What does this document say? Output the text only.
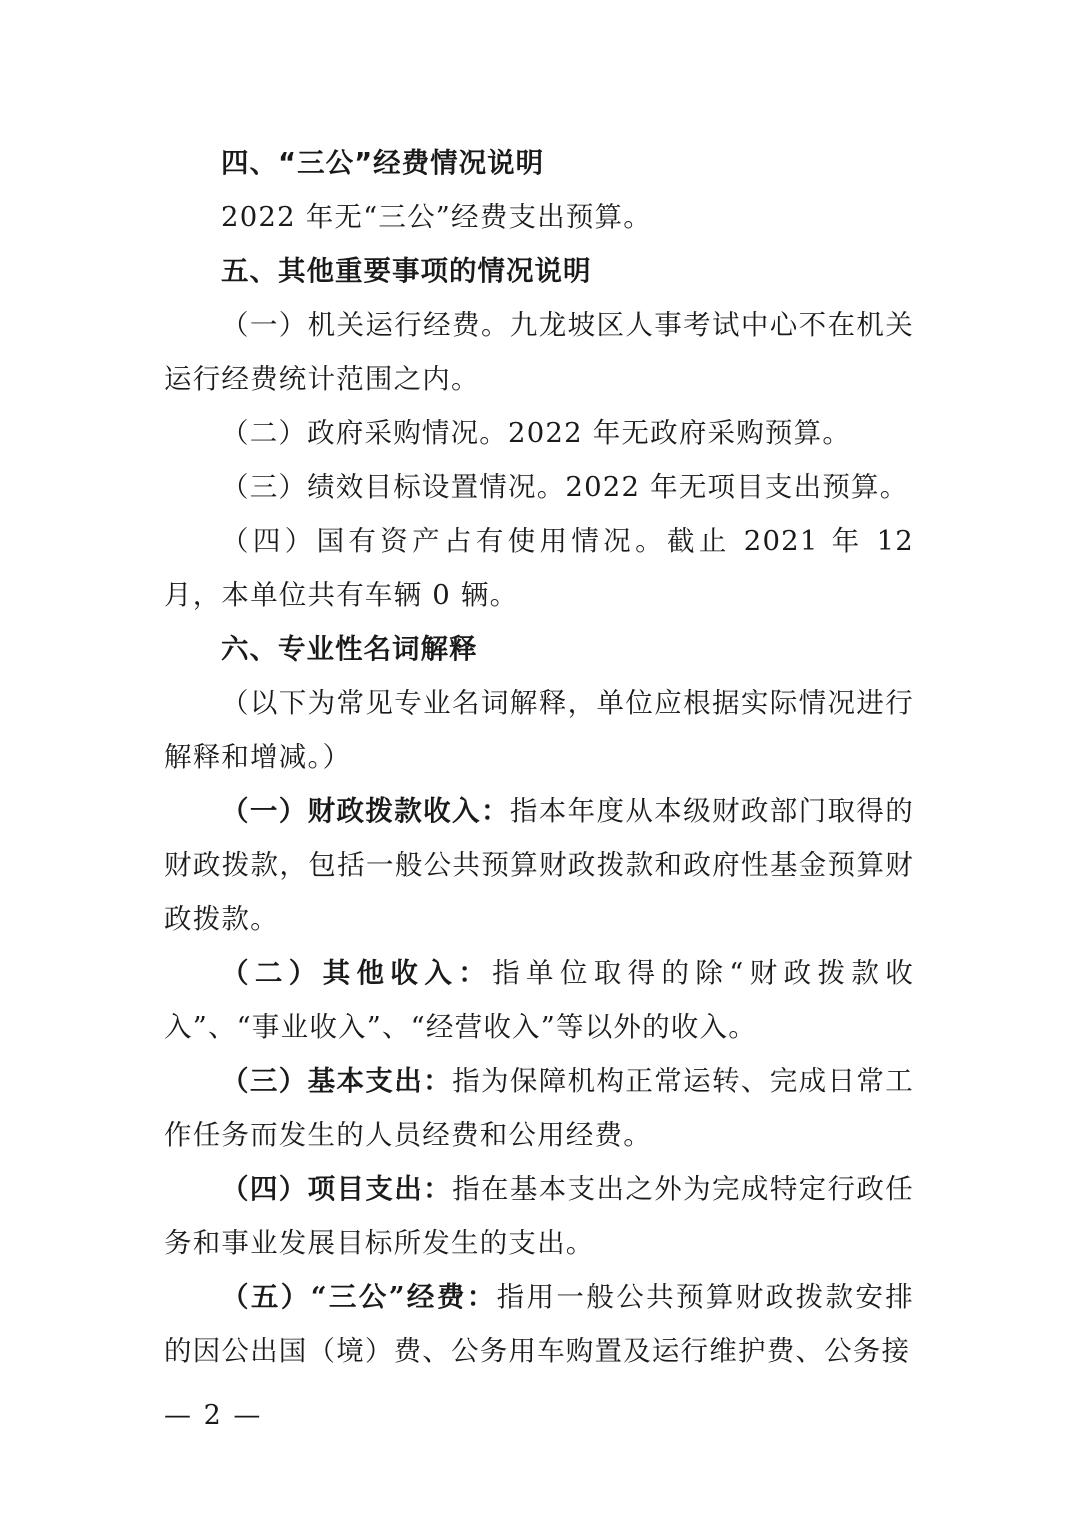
四、“三公”经费情况说明
2022 年无“三公”经费支出预算。
五、其他重要事项的情况说明
（一）机关运行经费。九龙坡区人事考试中心不在机关运行经费统计范围之内。
（二）政府采购情况。2022 年无政府采购预算。
（三）绩效目标设置情况。2022 年无项目支出预算。
（四）国有资产占有使用情况。截止 2021 年 12 月，本单位共有车辆 0 辆。
六、专业性名词解释
（以下为常见专业名词解释，单位应根据实际情况进行解释和增减。）
（一）财政拨款收入：指本年度从本级财政部门取得的财政拨款，包括一般公共预算财政拨款和政府性基金预算财政拨款。
（二）其他收入：指单位取得的除“财政拨款收入”、“事业收入”、“经营收入”等以外的收入。
（三）基本支出：指为保障机构正常运转、完成日常工作任务而发生的人员经费和公用经费。
（四）项目支出：指在基本支出之外为完成特定行政任务和事业发展目标所发生的支出。
（五）“三公”经费：指用一般公共预算财政拨款安排的因公出国（境）费、公务用车购置及运行维护费、公务接
— 2 —
